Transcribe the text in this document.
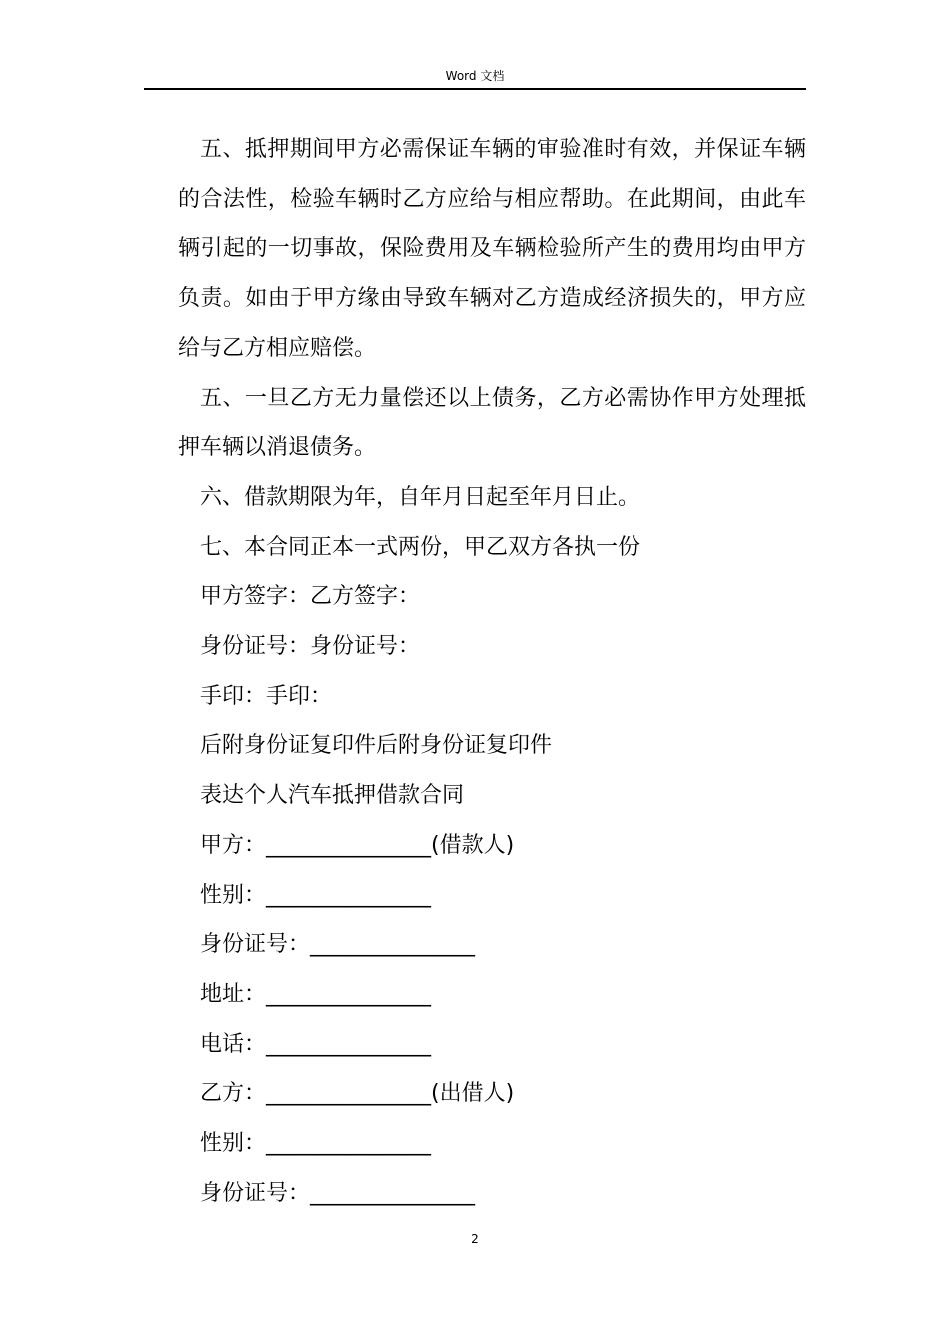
Word 文档

五、抵押期间甲方必需保证车辆的审验准时有效，并保证车辆的合法性，检验车辆时乙方应给与相应帮助。在此期间，由此车辆引起的一切事故，保险费用及车辆检验所产生的费用均由甲方负责。如由于甲方缘由导致车辆对乙方造成经济损失的，甲方应给与乙方相应赔偿。

五、一旦乙方无力量偿还以上债务，乙方必需协作甲方处理抵押车辆以消退债务。

六、借款期限为年，自年月日起至年月日止。

七、本合同正本一式两份，甲乙双方各执一份

甲方签字：乙方签字：

身份证号：身份证号：

手印：手印：

后附身份证复印件后附身份证复印件

表达个人汽车抵押借款合同

甲方：_______________(借款人)

性别：_______________

身份证号：_______________

地址：_______________

电话：_______________

乙方：_______________(出借人)

性别：_______________

身份证号：_______________

2
